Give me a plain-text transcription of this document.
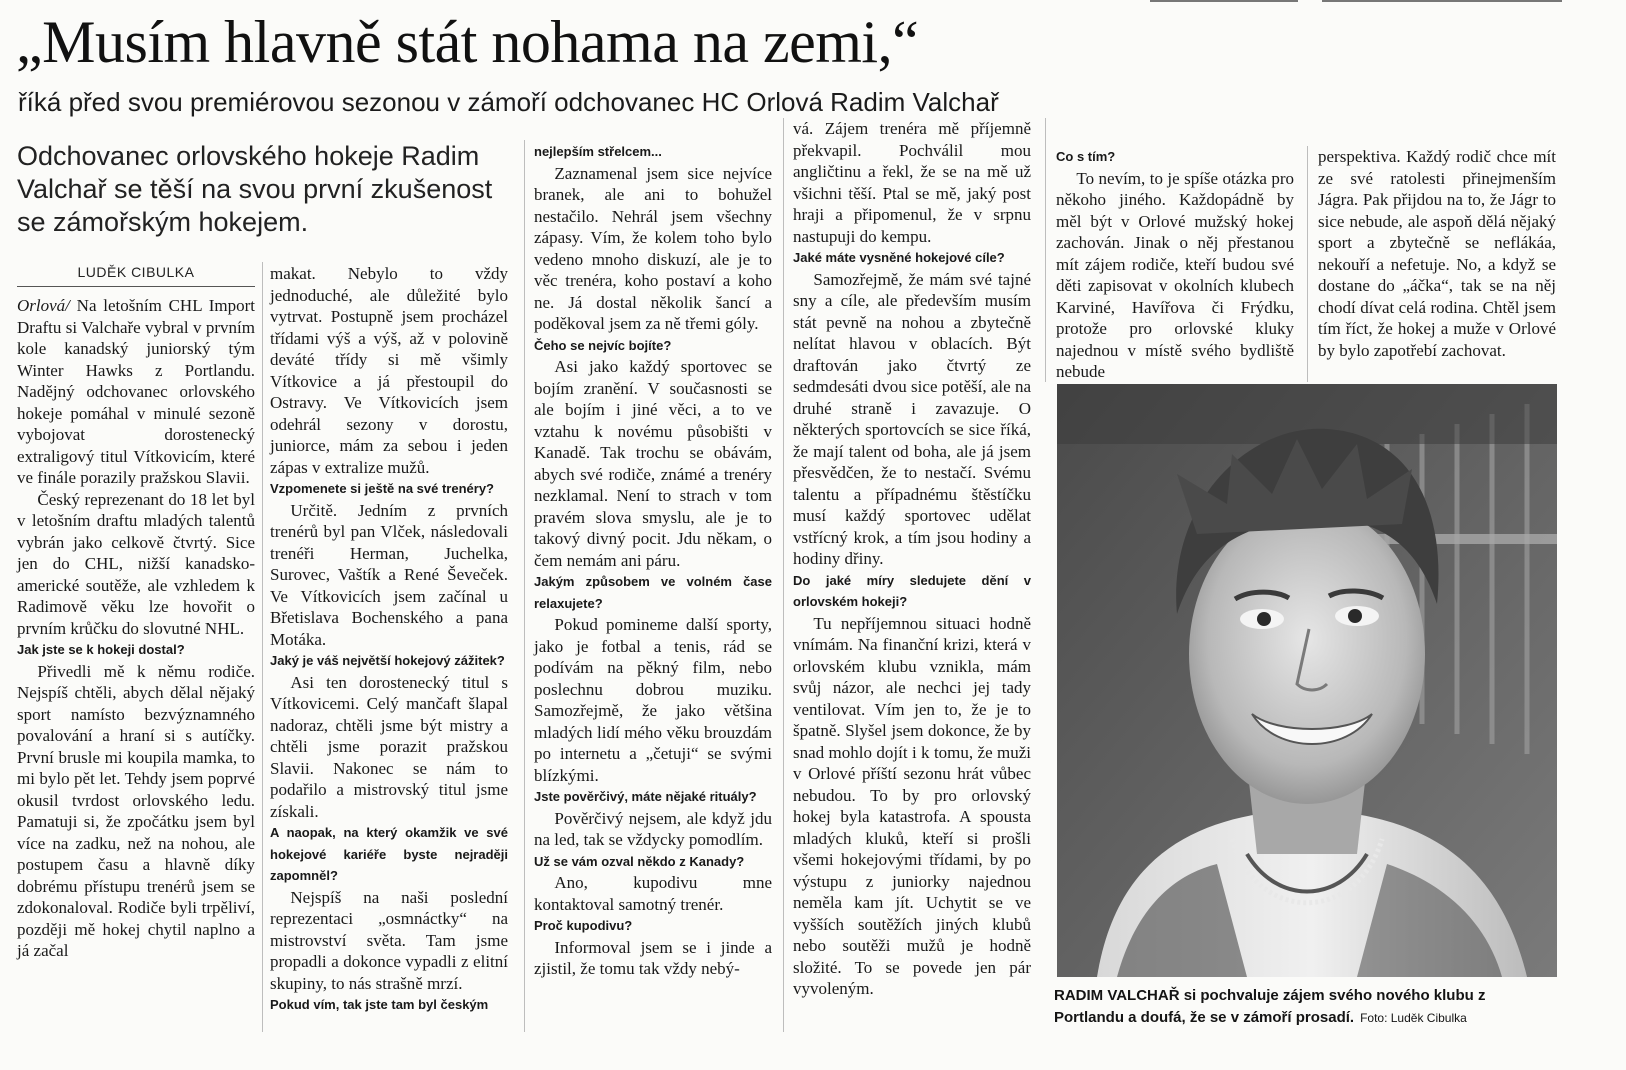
„Musím hlavně stát nohama na zemi,“
říká před svou premiérovou sezonou v zámoří odchovanec HC Orlová Radim Valchař

Odchovanec orlovského hokeje Radim Valchař se těší na svou první zkušenost se zámořským hokejem.

LUDĚK CIBULKA

Orlová/ Na letošním CHL Import Draftu si Valchaře vybral v prvním kole kanadský juniorský tým Winter Hawks z Portlandu. Nadějný odchovanec orlovského hokeje pomáhal v minulé sezoně vybojovat dorostenecký extraligový titul Vítkovicím, které ve finále porazily pražskou Slavii.

Český reprezenant do 18 let byl v letošním draftu mladých talentů vybrán jako celkově čtvrtý. Sice jen do CHL, nižší kanadsko-americké soutěže, ale vzhledem k Radimově věku lze hovořit o prvním krůčku do slovutné NHL.

Jak jste se k hokeji dostal?

Přivedli mě k němu rodiče. Nejspíš chtěli, abych dělal nějaký sport namísto bezvýznamného povalování a hraní si s autíčky. První brusle mi koupila mamka, to mi bylo pět let. Tehdy jsem poprvé okusil tvrdost orlovského ledu. Pamatuji si, že zpočátku jsem byl více na zadku, než na nohou, ale postupem času a hlavně díky dobrému přístupu trenérů jsem se zdokonaloval. Rodiče byli trpěliví, později mě hokej chytil naplno a já začal

makat. Nebylo to vždy jednoduché, ale důležité bylo vytrvat. Postupně jsem procházel třídami výš a výš, až v polovině deváté třídy si mě všimly Vítkovice a já přestoupil do Ostravy. Ve Vítkovicích jsem odehrál sezony v dorostu, juniorce, mám za sebou i jeden zápas v extralize mužů.

Vzpomenete si ještě na své trenéry?

Určitě. Jedním z prvních trenérů byl pan Vlček, následovali trenéři Herman, Juchelka, Surovec, Vaštík a René Ševeček. Ve Vítkovicích jsem začínal u Břetislava Bochenského a pana Motáka.

Jaký je váš největší hokejový zážitek?

Asi ten dorostenecký titul s Vítkovicemi. Celý mančaft šlapal nadoraz, chtěli jsme být mistry a chtěli jsme porazit pražskou Slavii. Nakonec se nám to podařilo a mistrovský titul jsme získali.

A naopak, na který okamžik ve své hokejové kariéře byste nejraději zapomněl?

Nejspíš na naši poslední reprezentaci „osmnáctky“ na mistrovství světa. Tam jsme propadli a dokonce vypadli z elitní skupiny, to nás strašně mrzí.

Pokud vím, tak jste tam byl českým

nejlepším střelcem...

Zaznamenal jsem sice nejvíce branek, ale ani to bohužel nestačilo. Nehrál jsem všechny zápasy. Vím, že kolem toho bylo vedeno mnoho diskuzí, ale je to věc trenéra, koho postaví a koho ne. Já dostal několik šancí a poděkoval jsem za ně třemi góly.

Čeho se nejvíc bojíte?

Asi jako každý sportovec se bojím zranění. V současnosti se ale bojím i jiné věci, a to ve vztahu k novému působišti v Kanadě. Tak trochu se obávám, abych své rodiče, známé a trenéry nezklamal. Není to strach v tom pravém slova smyslu, ale je to takový divný pocit. Jdu někam, o čem nemám ani páru.

Jakým způsobem ve volném čase relaxujete?

Pokud pomineme další sporty, jako je fotbal a tenis, rád se podívám na pěkný film, nebo poslechnu dobrou muziku. Samozřejmě, že jako většina mladých lidí mého věku brouzdám po internetu a „četuji“ se svými blízkými.

Jste pověrčivý, máte nějaké rituály?

Pověrčivý nejsem, ale když jdu na led, tak se vždycky pomodlím.

Už se vám ozval někdo z Kanady?

Ano, kupodivu mne kontaktoval samotný trenér.

Proč kupodivu?

Informoval jsem se i jinde a zjistil, že tomu tak vždy nebý-

vá. Zájem trenéra mě příjemně překvapil. Pochválil mou angličtinu a řekl, že se na mě už všichni těší. Ptal se mě, jaký post hraji a připomenul, že v srpnu nastupuji do kempu.

Jaké máte vysněné hokejové cíle?

Samozřejmě, že mám své tajné sny a cíle, ale především musím stát pevně na nohou a zbytečně nelítat hlavou v oblacích. Být draftován jako čtvrtý ze sedmdesáti dvou sice potěší, ale na druhé straně i zavazuje. O některých sportovcích se sice říká, že mají talent od boha, ale já jsem přesvědčen, že to nestačí. Svému talentu a případnému štěstíčku musí každý sportovec udělat vstřícný krok, a tím jsou hodiny a hodiny dřiny.

Do jaké míry sledujete dění v orlovském hokeji?

Tu nepříjemnou situaci hodně vnímám. Na finanční krizi, která v orlovském klubu vznikla, mám svůj názor, ale nechci jej tady ventilovat. Vím jen to, že je to špatně. Slyšel jsem dokonce, že by snad mohlo dojít i k tomu, že muži v Orlové příští sezonu hrát vůbec nebudou. To by pro orlovský hokej byla katastrofa. A spousta mladých kluků, kteří si prošli všemi hokejovými třídami, by po výstupu z juniorky najednou neměla kam jít. Uchytit se ve vyšších soutěžích jiných klubů nebo soutěži mužů je hodně složité. To se povede jen pár vyvoleným.

Co s tím?

To nevím, to je spíše otázka pro někoho jiného. Každopádně by měl být v Orlové mužský hokej zachován. Jinak o něj přestanou mít zájem rodiče, kteří budou své děti zapisovat v okolních klubech Karviné, Havířova či Frýdku, protože pro orlovské kluky najednou v místě svého bydliště nebude

perspektiva. Každý rodič chce mít ze své ratolesti přinejmenším Jágra. Pak přijdou na to, že Jágr to sice nebude, ale aspoň dělá nějaký sport a zbytečně se neflákáa, nekouří a nefetuje. No, a když se dostane do „áčka“, tak se na něj chodí dívat celá rodina. Chtěl jsem tím říct, že hokej a muže v Orlové by bylo zapotřebí zachovat.

RADIM VALCHAŘ si pochvaluje zájem svého nového klubu z Portlandu a doufá, že se v zámoří prosadí. Foto: Luděk Cibulka
